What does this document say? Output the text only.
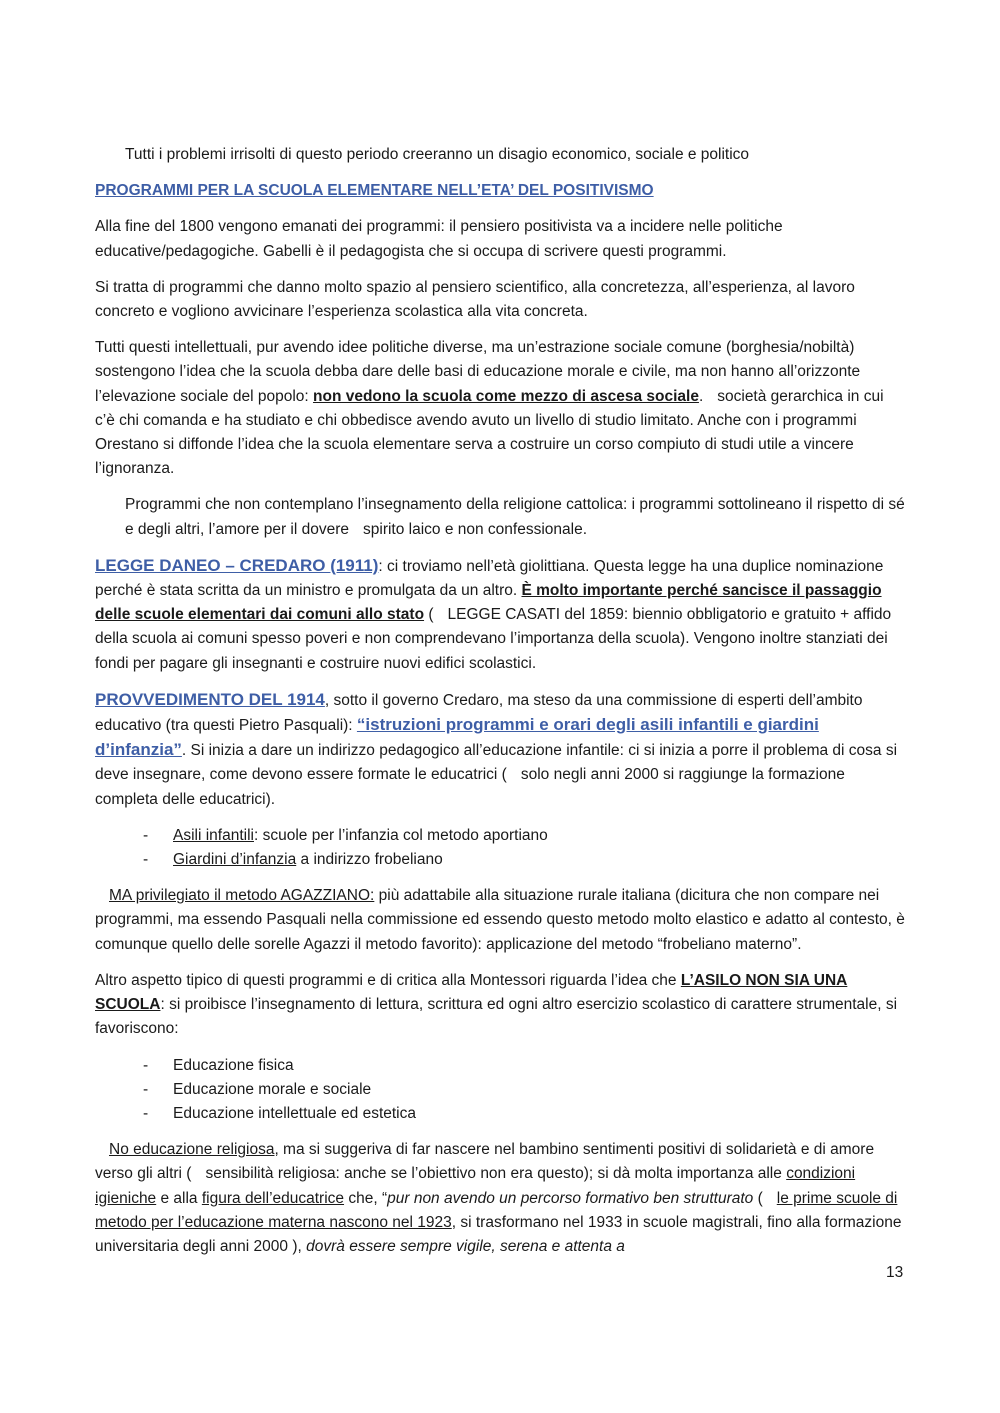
Tutti i problemi irrisolti di questo periodo creeranno un disagio economico, sociale e politico

PROGRAMMI PER LA SCUOLA ELEMENTARE NELL’ETA’ DEL POSITIVISMO

Alla fine del 1800 vengono emanati dei programmi: il pensiero positivista va a incidere nelle politiche educative/pedagogiche. Gabelli è il pedagogista che si occupa di scrivere questi programmi.

Si tratta di programmi che danno molto spazio al pensiero scientifico, alla concretezza, all’esperienza, al lavoro concreto e vogliono avvicinare l’esperienza scolastica alla vita concreta.

Tutti questi intellettuali, pur avendo idee politiche diverse, ma un’estrazione sociale comune (borghesia/nobiltà) sostengono l’idea che la scuola debba dare delle basi di educazione morale e civile, ma non hanno all’orizzonte l’elevazione sociale del popolo: non vedono la scuola come mezzo di ascesa sociale. società gerarchica in cui c’è chi comanda e ha studiato e chi obbedisce avendo avuto un livello di studio limitato. Anche con i programmi Orestano si diffonde l’idea che la scuola elementare serva a costruire un corso compiuto di studi utile a vincere l’ignoranza.

Programmi che non contemplano l’insegnamento della religione cattolica: i programmi sottolineano il rispetto di sé e degli altri, l’amore per il dovere spirito laico e non confessionale.

LEGGE DANEO – CREDARO (1911): ci troviamo nell’età giolittiana. Questa legge ha una duplice nominazione perché è stata scritta da un ministro e promulgata da un altro. È molto importante perché sancisce il passaggio delle scuole elementari dai comuni allo stato ( LEGGE CASATI del 1859: biennio obbligatorio e gratuito + affido della scuola ai comuni spesso poveri e non comprendevano l’importanza della scuola). Vengono inoltre stanziati dei fondi per pagare gli insegnanti e costruire nuovi edifici scolastici.

PROVVEDIMENTO DEL 1914, sotto il governo Credaro, ma steso da una commissione di esperti dell’ambito educativo (tra questi Pietro Pasquali): “istruzioni programmi e orari degli asili infantili e giardini d’infanzia”. Si inizia a dare un indirizzo pedagogico all’educazione infantile: ci si inizia a porre il problema di cosa si deve insegnare, come devono essere formate le educatrici ( solo negli anni 2000 si raggiunge la formazione completa delle educatrici).

- Asili infantili: scuole per l’infanzia col metodo aportiano
- Giardini d’infanzia a indirizzo frobeliano

MA privilegiato il metodo AGAZZIANO: più adattabile alla situazione rurale italiana (dicitura che non compare nei programmi, ma essendo Pasquali nella commissione ed essendo questo metodo molto elastico e adatto al contesto, è comunque quello delle sorelle Agazzi il metodo favorito): applicazione del metodo “frobeliano materno”.

Altro aspetto tipico di questi programmi e di critica alla Montessori riguarda l’idea che L’ASILO NON SIA UNA SCUOLA: si proibisce l’insegnamento di lettura, scrittura ed ogni altro esercizio scolastico di carattere strumentale, si favoriscono:

- Educazione fisica
- Educazione morale e sociale
- Educazione intellettuale ed estetica

No educazione religiosa, ma si suggeriva di far nascere nel bambino sentimenti positivi di solidarietà e di amore verso gli altri ( sensibilità religiosa: anche se l’obiettivo non era questo); si dà molta importanza alle condizioni igieniche e alla figura dell’educatrice che, “pur non avendo un percorso formativo ben strutturato ( le prime scuole di metodo per l’educazione materna nascono nel 1923, si trasformano nel 1933 in scuole magistrali, fino alla formazione universitaria degli anni 2000 ), dovrà essere sempre vigile, serena e attenta a

13
